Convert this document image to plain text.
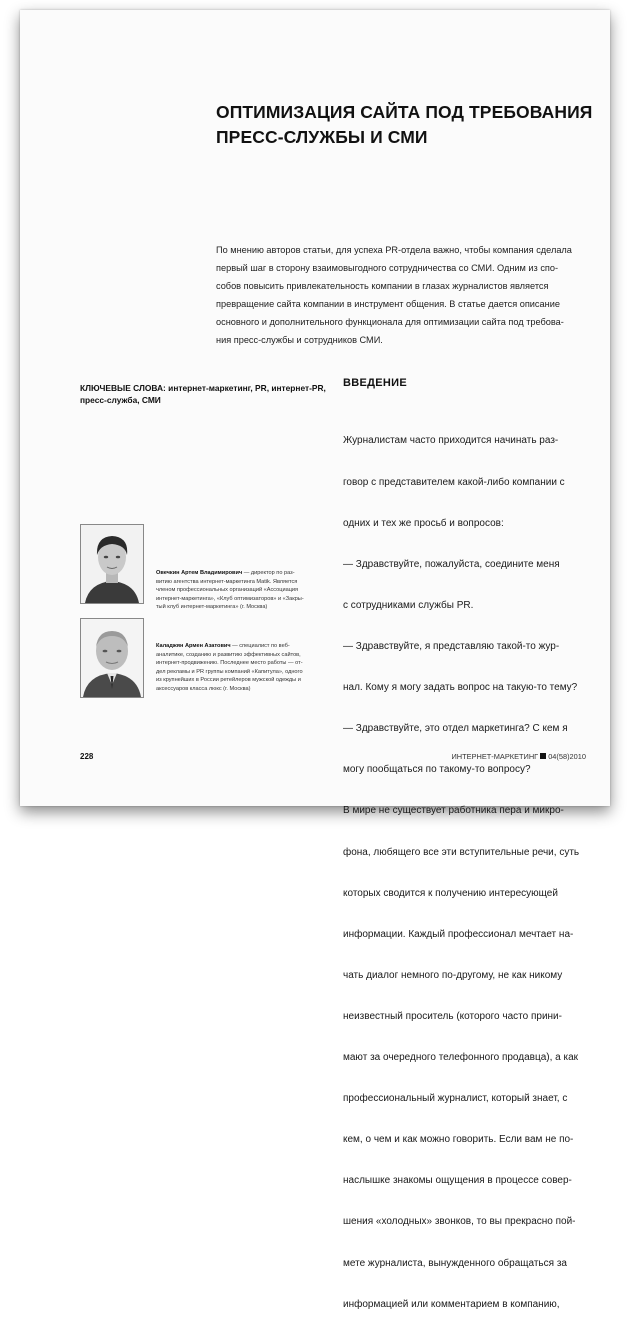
ОПТИМИЗАЦИЯ САЙТА ПОД ТРЕБОВАНИЯ
ПРЕСС-СЛУЖБЫ И СМИ
По мнению авторов статьи, для успеха PR-отдела важно, чтобы компания сделала
первый шаг в сторону взаимовыгодного сотрудничества со СМИ. Одним из спо-
собов повысить привлекательность компании в глазах журналистов является
превращение сайта компании в инструмент общения. В статье дается описание
основного и дополнительного функционала для оптимизации сайта под требова-
ния пресс-службы и сотрудников СМИ.
КЛЮЧЕВЫЕ СЛОВА: интернет-маркетинг, PR, интернет-PR,
пресс-служба, СМИ
ВВЕДЕНИЕ

Журналистам часто приходится начинать раз-

говор с представителем какой-либо компании с

одних и тех же просьб и вопросов:

— Здравствуйте, пожалуйста, соедините меня

с сотрудниками службы PR.

— Здравствуйте, я представляю такой-то жур-

нал. Кому я могу задать вопрос на такую-то тему?

— Здравствуйте, это отдел маркетинга? С кем я

могу пообщаться по такому-то вопросу?

В мире не существует работника пера и микро-

фона, любящего все эти вступительные речи, суть

которых сводится к получению интересующей

информации. Каждый профессионал мечтает на-

чать диалог немного по-другому, не как никому

неизвестный проситель (которого часто прини-

мают за очередного телефонного продавца), а как

профессиональный журналист, который знает, с

кем, о чем и как можно говорить. Если вам не по-

наслышке знакомы ощущения в процессе совер-

шения «холодных» звонков, то вы прекрасно пой-

мете журналиста, вынужденного обращаться за

информацией или комментарием в компанию,

Овечкин Артем Владимирович — директор по раз-
витию агентства интернет-маркетинга Matik. Является
членом профессиональных организаций «Ассоциация
интернет-маркетинга», «Клуб оптимизаторов» и «Закры-
тый клуб интернет-маркетинга» (г. Москва)
Каладжян Армен Азатович — специалист по веб-
аналитике, созданию и развитию эффективных сайтов,
интернет-продвижению. Последнее место работы — от-
дел рекламы и PR группы компаний «Капитула», одного
из крупнейших в России ретейлеров мужской одежды и
аксессуаров класса люкс (г. Москва)
228	ИНТЕРНЕТ-МАРКЕТИНГ 04(58)2010
